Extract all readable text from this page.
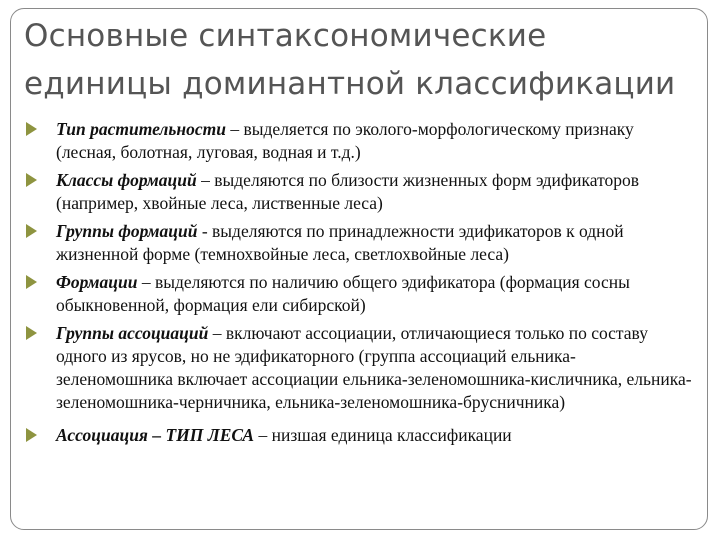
Основные синтаксономические
единицы доминантной классификации
Тип растительности – выделяется по эколого-морфологическому признаку (лесная, болотная, луговая, водная и т.д.)
Классы формаций – выделяются по близости жизненных форм эдификаторов (например, хвойные леса, лиственные леса)
Группы формаций - выделяются по принадлежности эдификаторов к одной жизненной форме (темнохвойные леса, светлохвойные леса)
Формации – выделяются по наличию общего эдификатора (формация сосны обыкновенной, формация ели сибирской)
Группы ассоциаций – включают ассоциации, отличающиеся только по составу одного из ярусов, но не эдификаторного (группа ассоциаций ельника-зеленомошника включает ассоциации ельника-зеленомошника-кисличника, ельника-зеленомошника-черничника, ельника-зеленомошника-брусничника)
Ассоциация – ТИП ЛЕСА – низшая единица классификации
